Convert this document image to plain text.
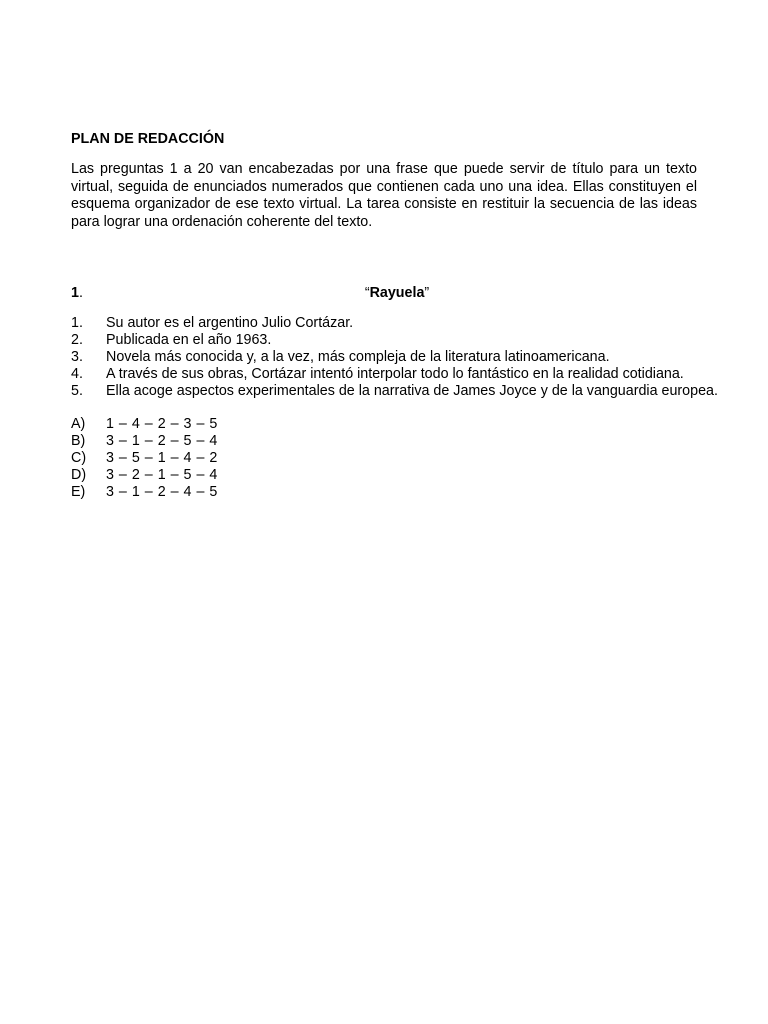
PLAN DE REDACCIÓN

Las preguntas 1 a 20 van encabezadas por una frase que puede servir de título para un texto virtual, seguida de enunciados numerados que contienen cada uno una idea. Ellas constituyen el esquema organizador de ese texto virtual. La tarea consiste en restituir la secuencia de las ideas para lograr una ordenación coherente del texto.
1.	“Rayuela”
1.	Su autor es el argentino Julio Cortázar.
2.	Publicada en el año 1963.
3.	Novela más conocida y, a la vez, más compleja de la literatura latinoamericana.
4.	A través de sus obras, Cortázar intentó interpolar todo lo fantástico en la realidad cotidiana.
5.	Ella acoge aspectos experimentales de la narrativa de James Joyce y de la vanguardia europea.
A)	1 – 4 – 2 – 3 – 5
B)	3 – 1 – 2 – 5 – 4
C)	3 – 5 – 1 – 4 – 2
D)	3 – 2 – 1 – 5 – 4
E)	3 – 1 – 2 – 4 – 5
